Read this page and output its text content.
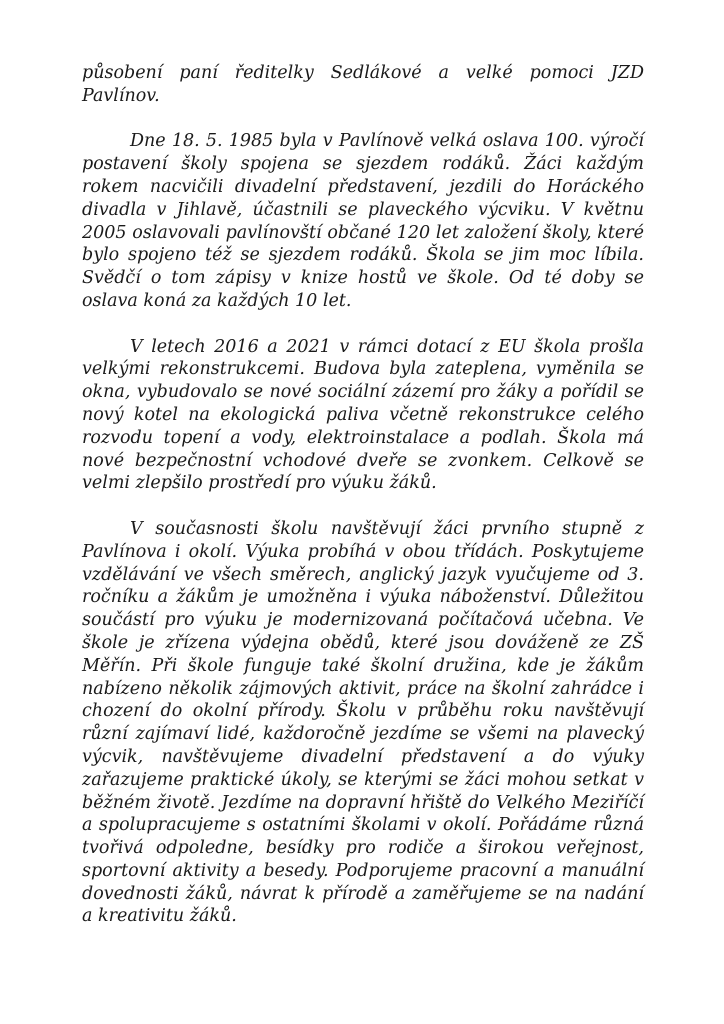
působení paní ředitelky Sedlákové a velké pomoci JZD Pavlínov.

Dne 18. 5. 1985 byla v Pavlínově velká oslava 100. výročí postavení školy spojena se sjezdem rodáků. Žáci každým rokem nacvičili divadelní představení, jezdili do Horáckého divadla v Jihlavě, účastnili se plaveckého výcviku. V květnu 2005 oslavovali pavlínovští občané 120 let založení školy, které bylo spojeno též se sjezdem rodáků. Škola se jim moc líbila. Svědčí o tom zápisy v knize hostů ve škole. Od té doby se oslava koná za každých 10 let.

V letech 2016 a 2021 v rámci dotací z EU škola prošla velkými rekonstrukcemi. Budova byla zateplena, vyměnila se okna, vybudovalo se nové sociální zázemí pro žáky a pořídil se nový kotel na ekologická paliva včetně rekonstrukce celého rozvodu topení a vody, elektroinstalace a podlah. Škola má nové bezpečnostní vchodové dveře se zvonkem. Celkově se velmi zlepšilo prostředí pro výuku žáků.

V současnosti školu navštěvují žáci prvního stupně z Pavlínova i okolí. Výuka probíhá v obou třídách. Poskytujeme vzdělávání ve všech směrech, anglický jazyk vyučujeme od 3. ročníku a žákům je umožněna i výuka náboženství. Důležitou součástí pro výuku je modernizovaná počítačová učebna. Ve škole je zřízena výdejna obědů, které jsou dováženě ze ZŠ Měřín. Při škole funguje také školní družina, kde je žákům nabízeno několik zájmových aktivit, práce na školní zahrádce i chození do okolní přírody. Školu v průběhu roku navštěvují různí zajímaví lidé, každoročně jezdíme se všemi na plavecký výcvik, navštěvujeme divadelní představení a do výuky zařazujeme praktické úkoly, se kterými se žáci mohou setkat v běžném životě. Jezdíme na dopravní hřiště do Velkého Meziříčí a spolupracujeme s ostatními školami v okolí. Pořádáme různá tvořivá odpoledne, besídky pro rodiče a širokou veřejnost, sportovní aktivity a besedy. Podporujeme pracovní a manuální dovednosti žáků, návrat k přírodě a zaměřujeme se na nadání a kreativitu žáků.
